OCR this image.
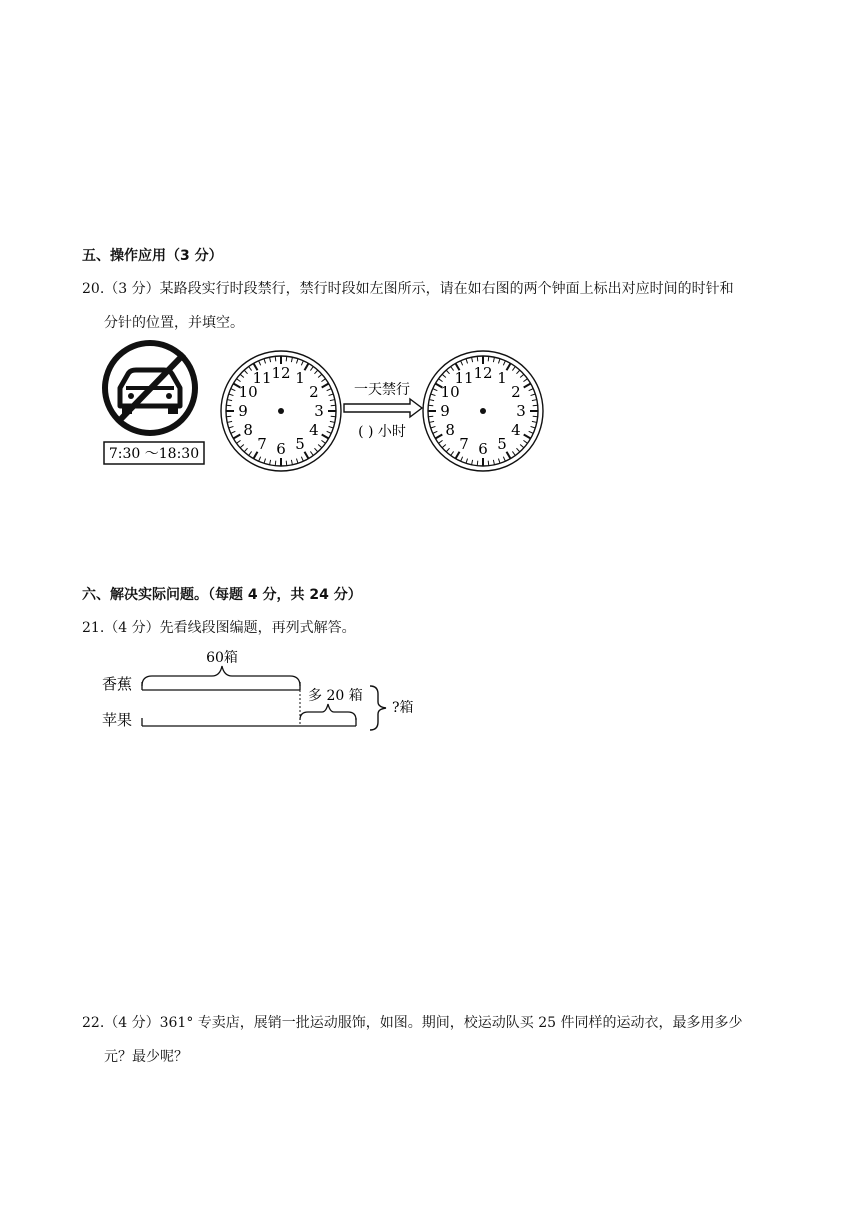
五、操作应用（3 分）
20.（3 分）某路段实行时段禁行，禁行时段如左图所示，请在如右图的两个钟面上标出对应时间的时针和
分针的位置，并填空。
7:30 ～18:30
12 1
2
3
4
5
6
7
8
9
10
11
一天禁行
( ) 小时
12 1
2
3
4
5
6
7
8
9
10
11
六、解决实际问题。（每题 4 分，共 24 分）
21.（4 分）先看线段图编题，再列式解答。
香蕉
苹果
60箱
多 20 箱
?箱
22.（4 分）361° 专卖店，展销一批运动服饰，如图。期间，校运动队买 25 件同样的运动衣，最多用多少
元？最少呢？
